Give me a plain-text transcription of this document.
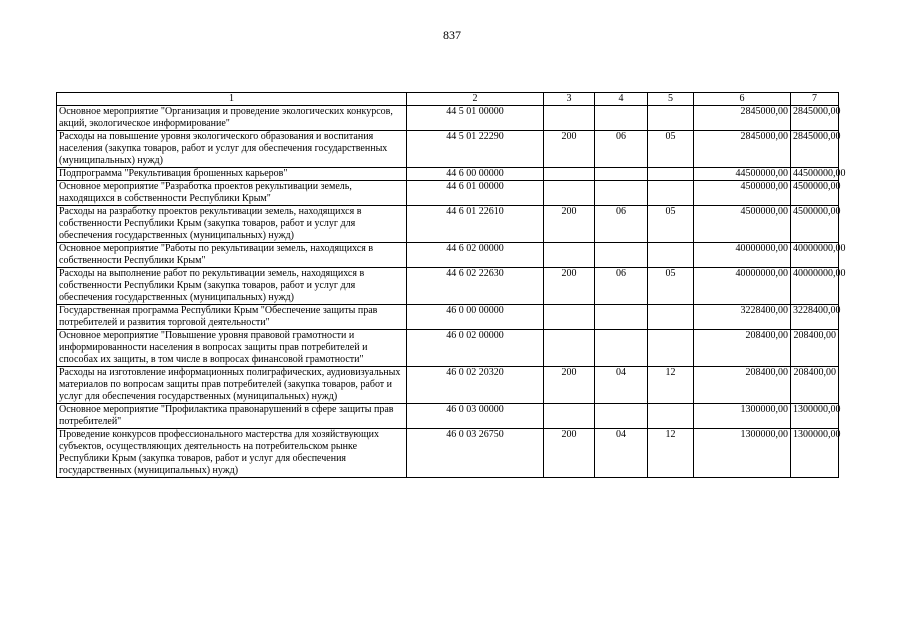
837
1	2	3	4	5	6	7
Основное мероприятие "Организация и проведение экологических конкурсов, акций, экологическое информирование"	44 5 01 00000				2845000,00	2845000,00
Расходы на повышение уровня экологического образования и воспитания населения (закупка товаров, работ и услуг для обеспечения государственных (муниципальных) нужд)	44 5 01 22290	200	06	05	2845000,00	2845000,00
Подпрограмма "Рекультивация брошенных карьеров"	44 6 00 00000				44500000,00	44500000,00
Основное мероприятие "Разработка проектов рекультивации земель, находящихся в собственности Республики Крым"	44 6 01 00000				4500000,00	4500000,00
Расходы на разработку проектов рекультивации земель, находящихся в собственности Республики Крым (закупка товаров, работ и услуг для обеспечения государственных (муниципальных) нужд)	44 6 01 22610	200	06	05	4500000,00	4500000,00
Основное мероприятие "Работы по рекультивации земель, находящихся в собственности Республики Крым"	44 6 02 00000				40000000,00	40000000,00
Расходы на выполнение работ по рекультивации земель, находящихся в собственности Республики Крым (закупка товаров, работ и услуг для обеспечения государственных (муниципальных) нужд)	44 6 02 22630	200	06	05	40000000,00	40000000,00
Государственная программа Республики Крым "Обеспечение защиты прав потребителей и развития торговой деятельности"	46 0 00 00000				3228400,00	3228400,00
Основное мероприятие "Повышение уровня правовой грамотности и информированности населения в вопросах защиты прав потребителей и способах их защиты, в том числе в вопросах финансовой грамотности"	46 0 02 00000				208400,00	208400,00
Расходы на изготовление информационных полиграфических, аудиовизуальных материалов по вопросам защиты прав потребителей (закупка товаров, работ и услуг для обеспечения государственных (муниципальных) нужд)	46 0 02 20320	200	04	12	208400,00	208400,00
Основное мероприятие "Профилактика правонарушений в сфере защиты прав потребителей"	46 0 03 00000				1300000,00	1300000,00
Проведение конкурсов профессионального мастерства для хозяйствующих субъектов, осуществляющих деятельность на потребительском рынке Республики Крым (закупка товаров, работ и услуг для обеспечения государственных (муниципальных) нужд)	46 0 03 26750	200	04	12	1300000,00	1300000,00
